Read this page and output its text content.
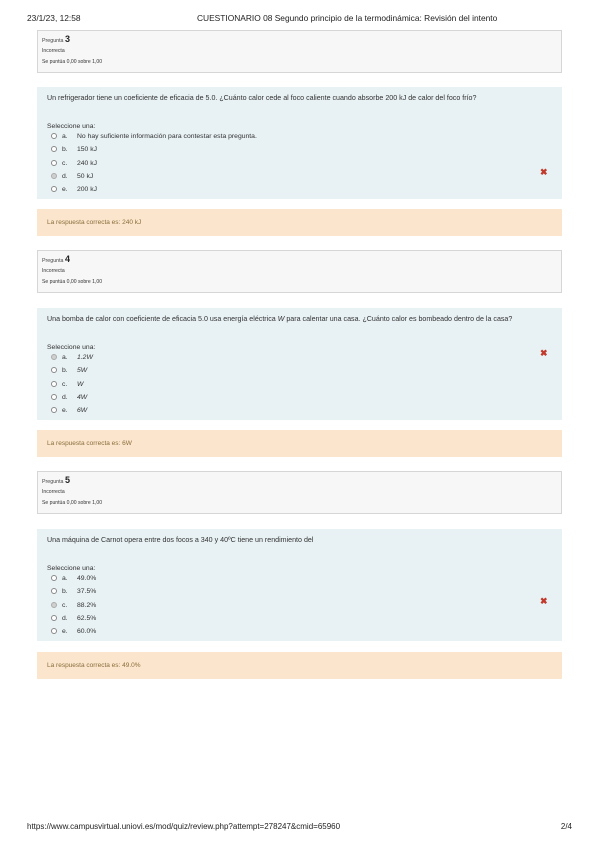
23/1/23, 12:58	CUESTIONARIO 08 Segundo principio de la termodinámica: Revisión del intento
Pregunta 3
Incorrecta
Se puntúa 0,00 sobre 1,00
Un refrigerador tiene un coeficiente de eficacia de 5.0. ¿Cuánto calor cede al foco caliente cuando absorbe 200 kJ de calor del foco frío?
Seleccione una:
a. No hay suficiente información para contestar esta pregunta.
b. 150 kJ
c. 240 kJ
d. 50 kJ
e. 200 kJ
✖
La respuesta correcta es: 240 kJ
Pregunta 4
Incorrecta
Se puntúa 0,00 sobre 1,00
Una bomba de calor con coeficiente de eficacia 5.0 usa energía eléctrica W para calentar una casa. ¿Cuánto calor es bombeado dentro de la casa?
Seleccione una:
a. 1.2W
b. 5W
c. W
d. 4W
e. 6W
✖
La respuesta correcta es: 6W
Pregunta 5
Incorrecta
Se puntúa 0,00 sobre 1,00
Una máquina de Carnot opera entre dos focos a 340 y 40ºC tiene un rendimiento del
Seleccione una:
a. 49.0%
b. 37.5%
c. 88.2%
d. 62.5%
e. 60.0%
✖
La respuesta correcta es: 49.0%
https://www.campusvirtual.uniovi.es/mod/quiz/review.php?attempt=278247&cmid=65960	2/4
